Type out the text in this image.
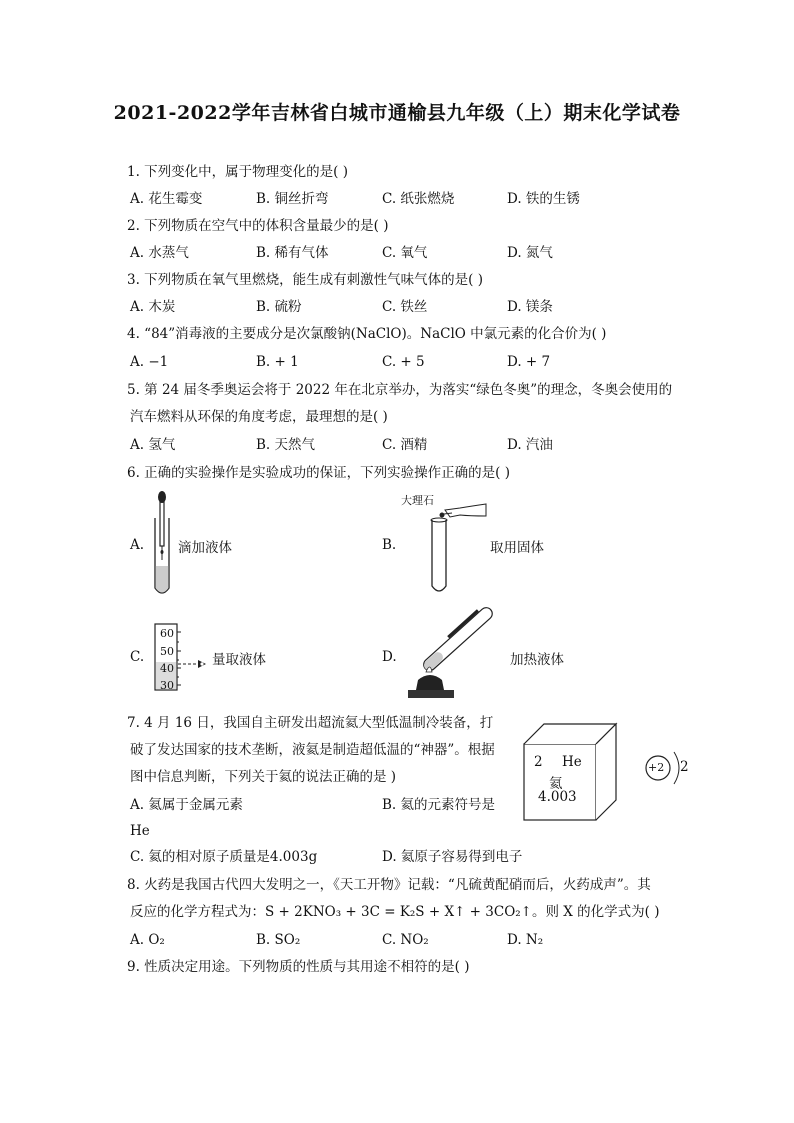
2021-2022学年吉林省白城市通榆县九年级（上）期末化学试卷
1. 下列变化中，属于物理变化的是( )
A. 花生霉变	B. 铜丝折弯	C. 纸张燃烧	D. 铁的生锈
2. 下列物质在空气中的体积含量最少的是( )
A. 水蒸气	B. 稀有气体	C. 氧气	D. 氮气
3. 下列物质在氧气里燃烧，能生成有刺激性气味气体的是( )
A. 木炭	B. 硫粉	C. 铁丝	D. 镁条
4. “84”消毒液的主要成分是次氯酸钠(NaClO)。NaClO 中氯元素的化合价为( )
A. −1	B. + 1	C. + 5	D. + 7
5. 第 24 届冬季奥运会将于 2022 年在北京举办，为落实“绿色冬奥”的理念，冬奥会使用的
汽车燃料从环保的角度考虑，最理想的是( )
A. 氢气	B. 天然气	C. 酒精	D. 汽油
6. 正确的实验操作是实验成功的保证，下列实验操作正确的是( )
A.	滴加液体	B.
大理石
取用固体
C.
60
50
40
30
量取液体	D.	加热液体
7. 4 月 16 日，我国自主研发出超流氦大型低温制冷装备，打
破了发达国家的技术垄断，液氦是制造超低温的“神器”。根据
图中信息判断，下列关于氦的说法正确的是 )
A. 氦属于金属元素	B. 氦的元素符号是
He
C. 氦的相对原子质量是4.003g	D. 氦原子容易得到电子
2 He
氦
4.003
+2 2
8. 火药是我国古代四大发明之一，《天工开物》记载：“凡硫黄配硝而后，火药成声”。其
反应的化学方程式为：S + 2KNO₃ + 3C = K₂S + X↑ + 3CO₂↑。则 X 的化学式为( )
A. O₂	B. SO₂	C. NO₂	D. N₂
9. 性质决定用途。下列物质的性质与其用途不相符的是( )
